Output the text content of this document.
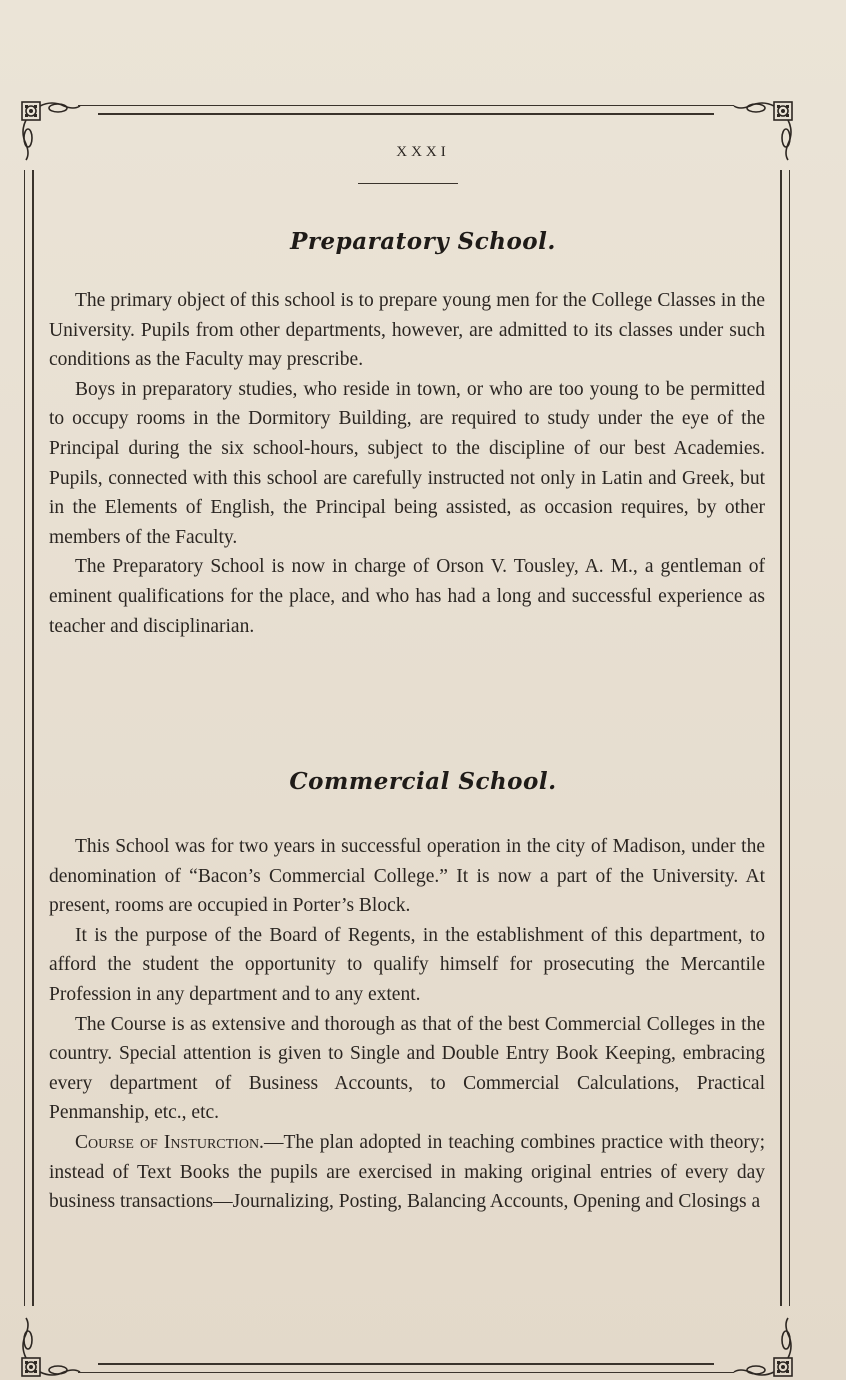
XXXI
Preparatory School.

The primary object of this school is to prepare young men for the College Classes in the University. Pupils from other departments, however, are admitted to its classes under such conditions as the Faculty may prescribe.

Boys in preparatory studies, who reside in town, or who are too young to be permitted to occupy rooms in the Dormitory Building, are required to study under the eye of the Principal during the six school-hours, subject to the discipline of our best Academies. Pupils, connected with this school are carefully instructed not only in Latin and Greek, but in the Elements of English, the Principal being assisted, as occasion requires, by other members of the Faculty.

The Preparatory School is now in charge of Orson V. Tousley, A. M., a gentleman of eminent qualifications for the place, and who has had a long and successful experience as teacher and disciplinarian.

Commercial School.

This School was for two years in successful operation in the city of Madison, under the denomination of “Bacon’s Commercial College.” It is now a part of the University. At present, rooms are occupied in Porter’s Block.

It is the purpose of the Board of Regents, in the establishment of this department, to afford the student the opportunity to qualify himself for prosecuting the Mercantile Profession in any department and to any extent.

The Course is as extensive and thorough as that of the best Commercial Colleges in the country. Special attention is given to Single and Double Entry Book Keeping, embracing every department of Business Accounts, to Commercial Calculations, Practical Penmanship, etc., etc.

Course of Insturction.—The plan adopted in teaching combines practice with theory; instead of Text Books the pupils are exercised in making original entries of every day business transactions—Journalizing, Posting, Balancing Accounts, Opening and Closings a
